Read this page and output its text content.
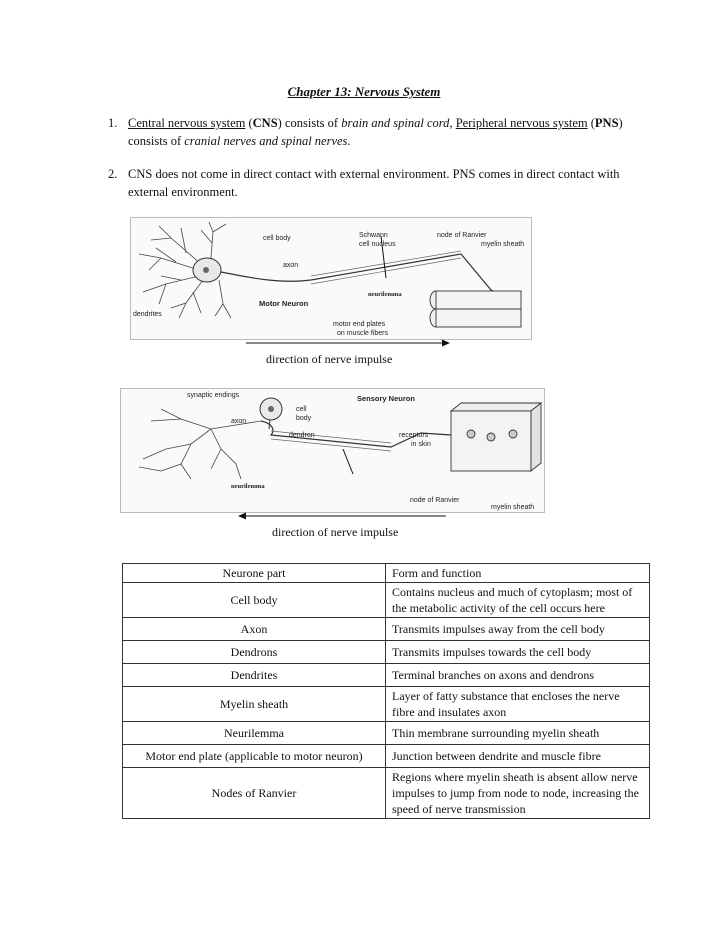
Chapter 13: Nervous System
1. Central nervous system (CNS) consists of brain and spinal cord, Peripheral nervous system (PNS) consists of cranial nerves and spinal nerves.
2. CNS does not come in direct contact with external environment. PNS comes in direct contact with external environment.
cell body	Schwann
cell nucleus
node of Ranvier
myelin sheath
axon
Motor Neuron
neurilemma
dendrites
motor end plates
on muscle fibers
direction of nerve impulse
synaptic endings
axon
cell
body
dendron
Sensory Neuron
receptors
in skin
neurilemma
node of Ranvier
myelin sheath
direction of nerve impulse
Neurone part	Form and function
Cell body	Contains nucleus and much of cytoplasm; most of the metabolic activity of the cell occurs here
Axon	Transmits impulses away from the cell body
Dendrons	Transmits impulses towards the cell body
Dendrites	Terminal branches on axons and dendrons
Myelin sheath	Layer of fatty substance that encloses the nerve fibre and insulates axon
Neurilemma	Thin membrane surrounding myelin sheath
Motor end plate (applicable to motor neuron)	Junction between dendrite and muscle fibre
Nodes of Ranvier	Regions where myelin sheath is absent allow nerve impulses to jump from node to node, increasing the speed of nerve transmission
